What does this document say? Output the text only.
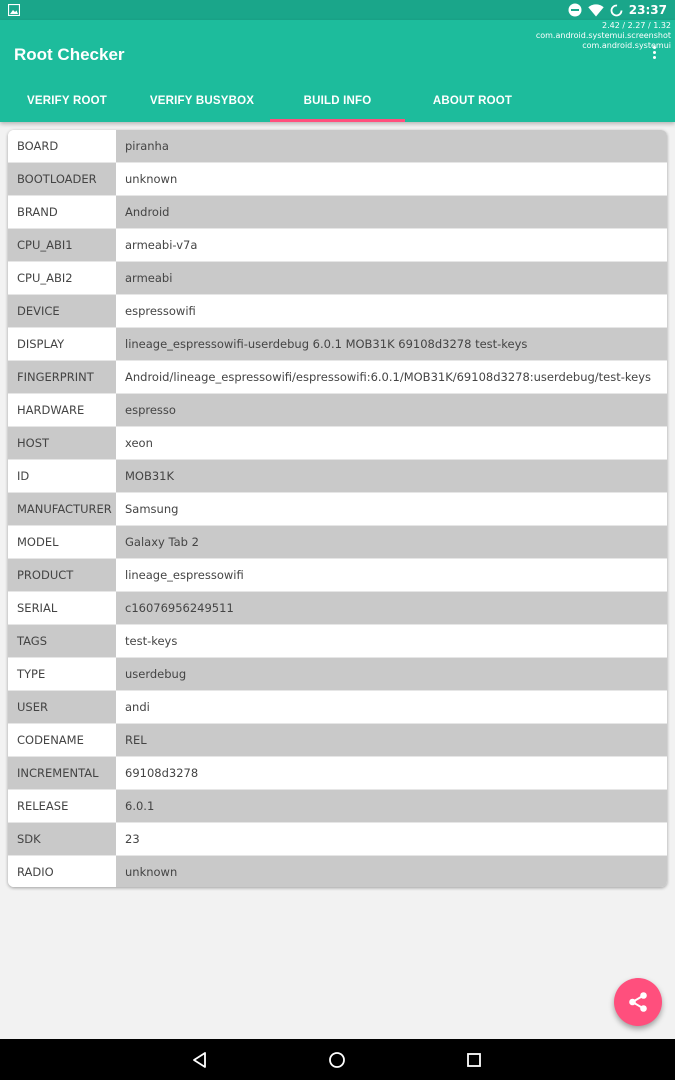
23:37
2.42 / 2.27 / 1.32
com.android.systemui.screenshot
com.android.systemui
Root Checker
VERIFY ROOT	VERIFY BUSYBOX	BUILD INFO	ABOUT ROOT
BOARD	piranha
BOOTLOADER	unknown
BRAND	Android
CPU_ABI1	armeabi-v7a
CPU_ABI2	armeabi
DEVICE	espressowifi
DISPLAY	lineage_espressowifi-userdebug 6.0.1 MOB31K 69108d3278 test-keys
FINGERPRINT	Android/lineage_espressowifi/espressowifi:6.0.1/MOB31K/69108d3278:userdebug/test-keys
HARDWARE	espresso
HOST	xeon
ID	MOB31K
MANUFACTURER	Samsung
MODEL	Galaxy Tab 2
PRODUCT	lineage_espressowifi
SERIAL	c16076956249511
TAGS	test-keys
TYPE	userdebug
USER	andi
CODENAME	REL
INCREMENTAL	69108d3278
RELEASE	6.0.1
SDK	23
RADIO	unknown
